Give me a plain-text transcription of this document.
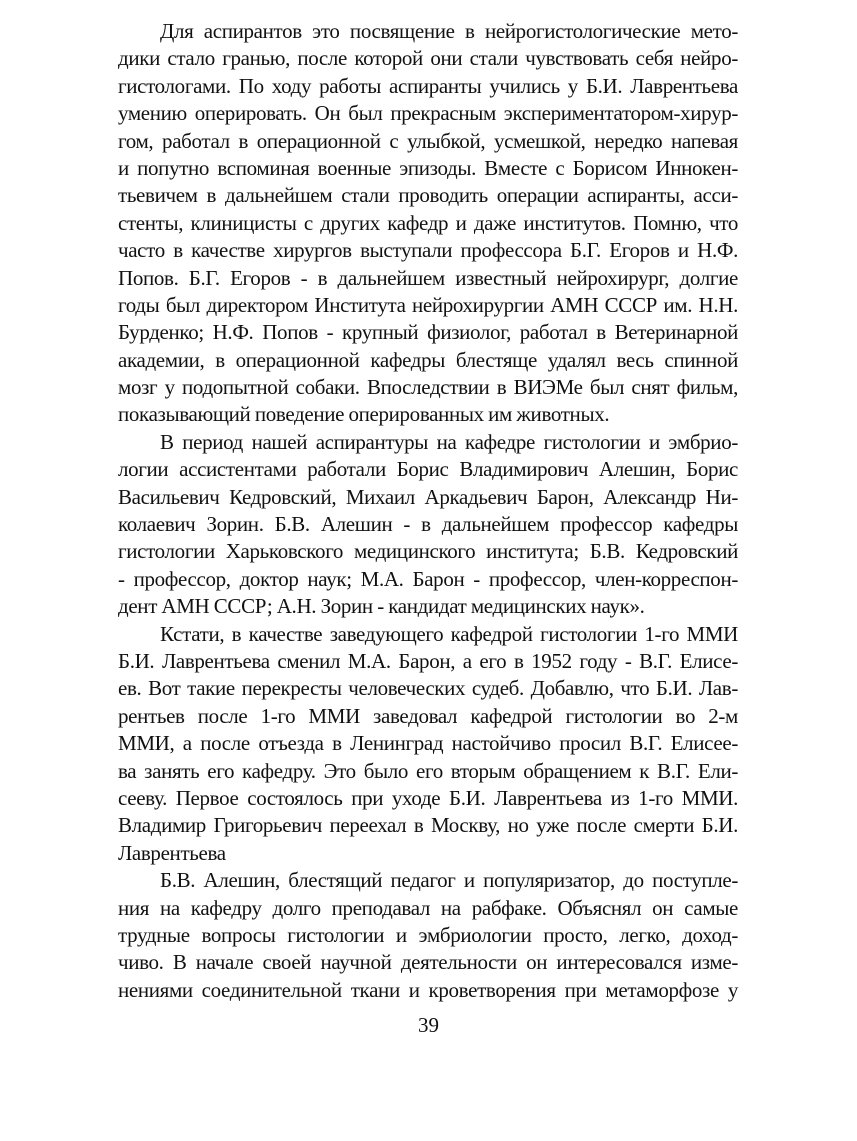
Для аспирантов это посвящение в нейрогистологические мето-
дики стало гранью, после которой они стали чувствовать себя нейро-
гистологами. По ходу работы аспиранты учились у Б.И. Лаврентьева
умению оперировать. Он был прекрасным экспериментатором-хирур-
гом, работал в операционной с улыбкой, усмешкой, нередко напевая
и попутно вспоминая военные эпизоды. Вместе с Борисом Иннокен-
тьевичем в дальнейшем стали проводить операции аспиранты, асси-
стенты, клиницисты с других кафедр и даже институтов. Помню, что
часто в качестве хирургов выступали профессора Б.Г. Егоров и Н.Ф.
Попов. Б.Г. Егоров - в дальнейшем известный нейрохирург, долгие
годы был директором Института нейрохирургии АМН СССР им. Н.Н.
Бурденко; Н.Ф. Попов - крупный физиолог, работал в Ветеринарной
академии, в операционной кафедры блестяще удалял весь спинной
мозг у подопытной собаки. Впоследствии в ВИЭМе был снят фильм,
показывающий поведение оперированных им животных.
В период нашей аспирантуры на кафедре гистологии и эмбрио-
логии ассистентами работали Борис Владимирович Алешин, Борис
Васильевич Кедровский, Михаил Аркадьевич Барон, Александр Ни-
колаевич Зорин. Б.В. Алешин - в дальнейшем профессор кафедры
гистологии Харьковского медицинского института; Б.В. Кедровский
- профессор, доктор наук; М.А. Барон - профессор, член-корреспон-
дент АМН СССР; А.Н. Зорин - кандидат медицинских наук».
Кстати, в качестве заведующего кафедрой гистологии 1-го ММИ
Б.И. Лаврентьева сменил М.А. Барон, а его в 1952 году - В.Г. Елисе-
ев. Вот такие перекресты человеческих судеб. Добавлю, что Б.И. Лав-
рентьев после 1-го ММИ заведовал кафедрой гистологии во 2-м
ММИ, а после отъезда в Ленинград настойчиво просил В.Г. Елисее-
ва занять его кафедру. Это было его вторым обращением к В.Г. Ели-
сееву. Первое состоялось при уходе Б.И. Лаврентьева из 1-го ММИ.
Владимир Григорьевич переехал в Москву, но уже после смерти Б.И.
Лаврентьева
Б.В. Алешин, блестящий педагог и популяризатор, до поступле-
ния на кафедру долго преподавал на рабфаке. Объяснял он самые
трудные вопросы гистологии и эмбриологии просто, легко, доход-
чиво. В начале своей научной деятельности он интересовался изме-
нениями соединительной ткани и кроветворения при метаморфозе у
39
